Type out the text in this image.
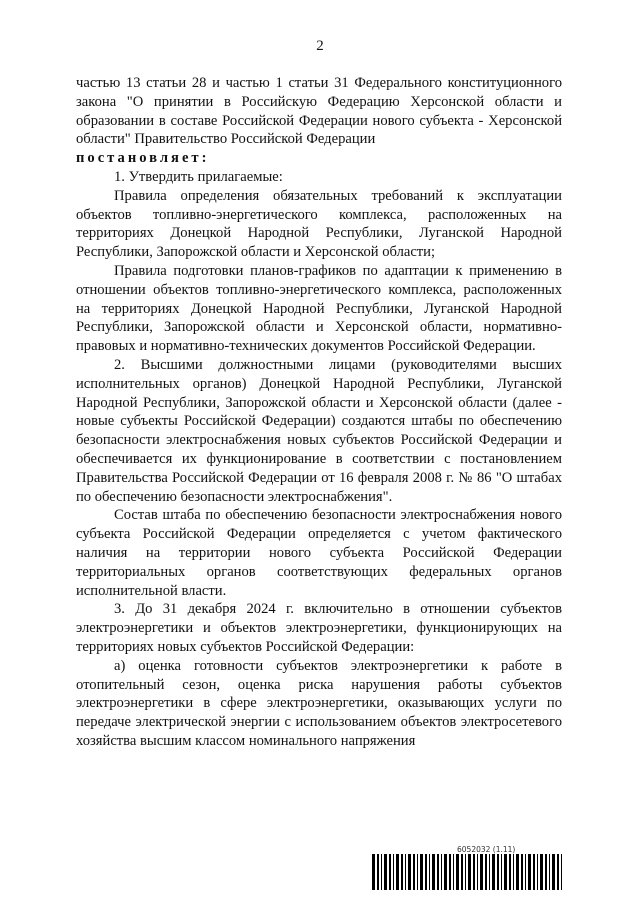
2

частью 13 статьи 28 и частью 1 статьи 31 Федерального конституционного закона "О принятии в Российскую Федерацию Херсонской области и образовании в составе Российской Федерации нового субъекта - Херсонской области" Правительство Российской Федерации

постановляет:

1. Утвердить прилагаемые:

Правила определения обязательных требований к эксплуатации объектов топливно-энергетического комплекса, расположенных на территориях Донецкой Народной Республики, Луганской Народной Республики, Запорожской области и Херсонской области;

Правила подготовки планов-графиков по адаптации к применению в отношении объектов топливно-энергетического комплекса, расположенных на территориях Донецкой Народной Республики, Луганской Народной Республики, Запорожской области и Херсонской области, нормативно-правовых и нормативно-технических документов Российской Федерации.

2. Высшими должностными лицами (руководителями высших исполнительных органов) Донецкой Народной Республики, Луганской Народной Республики, Запорожской области и Херсонской области (далее - новые субъекты Российской Федерации) создаются штабы по обеспечению безопасности электроснабжения новых субъектов Российской Федерации и обеспечивается их функционирование в соответствии с постановлением Правительства Российской Федерации от 16 февраля 2008 г. № 86 "О штабах по обеспечению безопасности электроснабжения".

Состав штаба по обеспечению безопасности электроснабжения нового субъекта Российской Федерации определяется с учетом фактического наличия на территории нового субъекта Российской Федерации территориальных органов соответствующих федеральных органов исполнительной власти.

3. До 31 декабря 2024 г. включительно в отношении субъектов электроэнергетики и объектов электроэнергетики, функционирующих на территориях новых субъектов Российской Федерации:

а) оценка готовности субъектов электроэнергетики к работе в отопительный сезон, оценка риска нарушения работы субъектов электроэнергетики в сфере электроэнергетики, оказывающих услуги по передаче электрической энергии с использованием объектов электросетевого хозяйства высшим классом номинального напряжения

6052032 (1.11)
